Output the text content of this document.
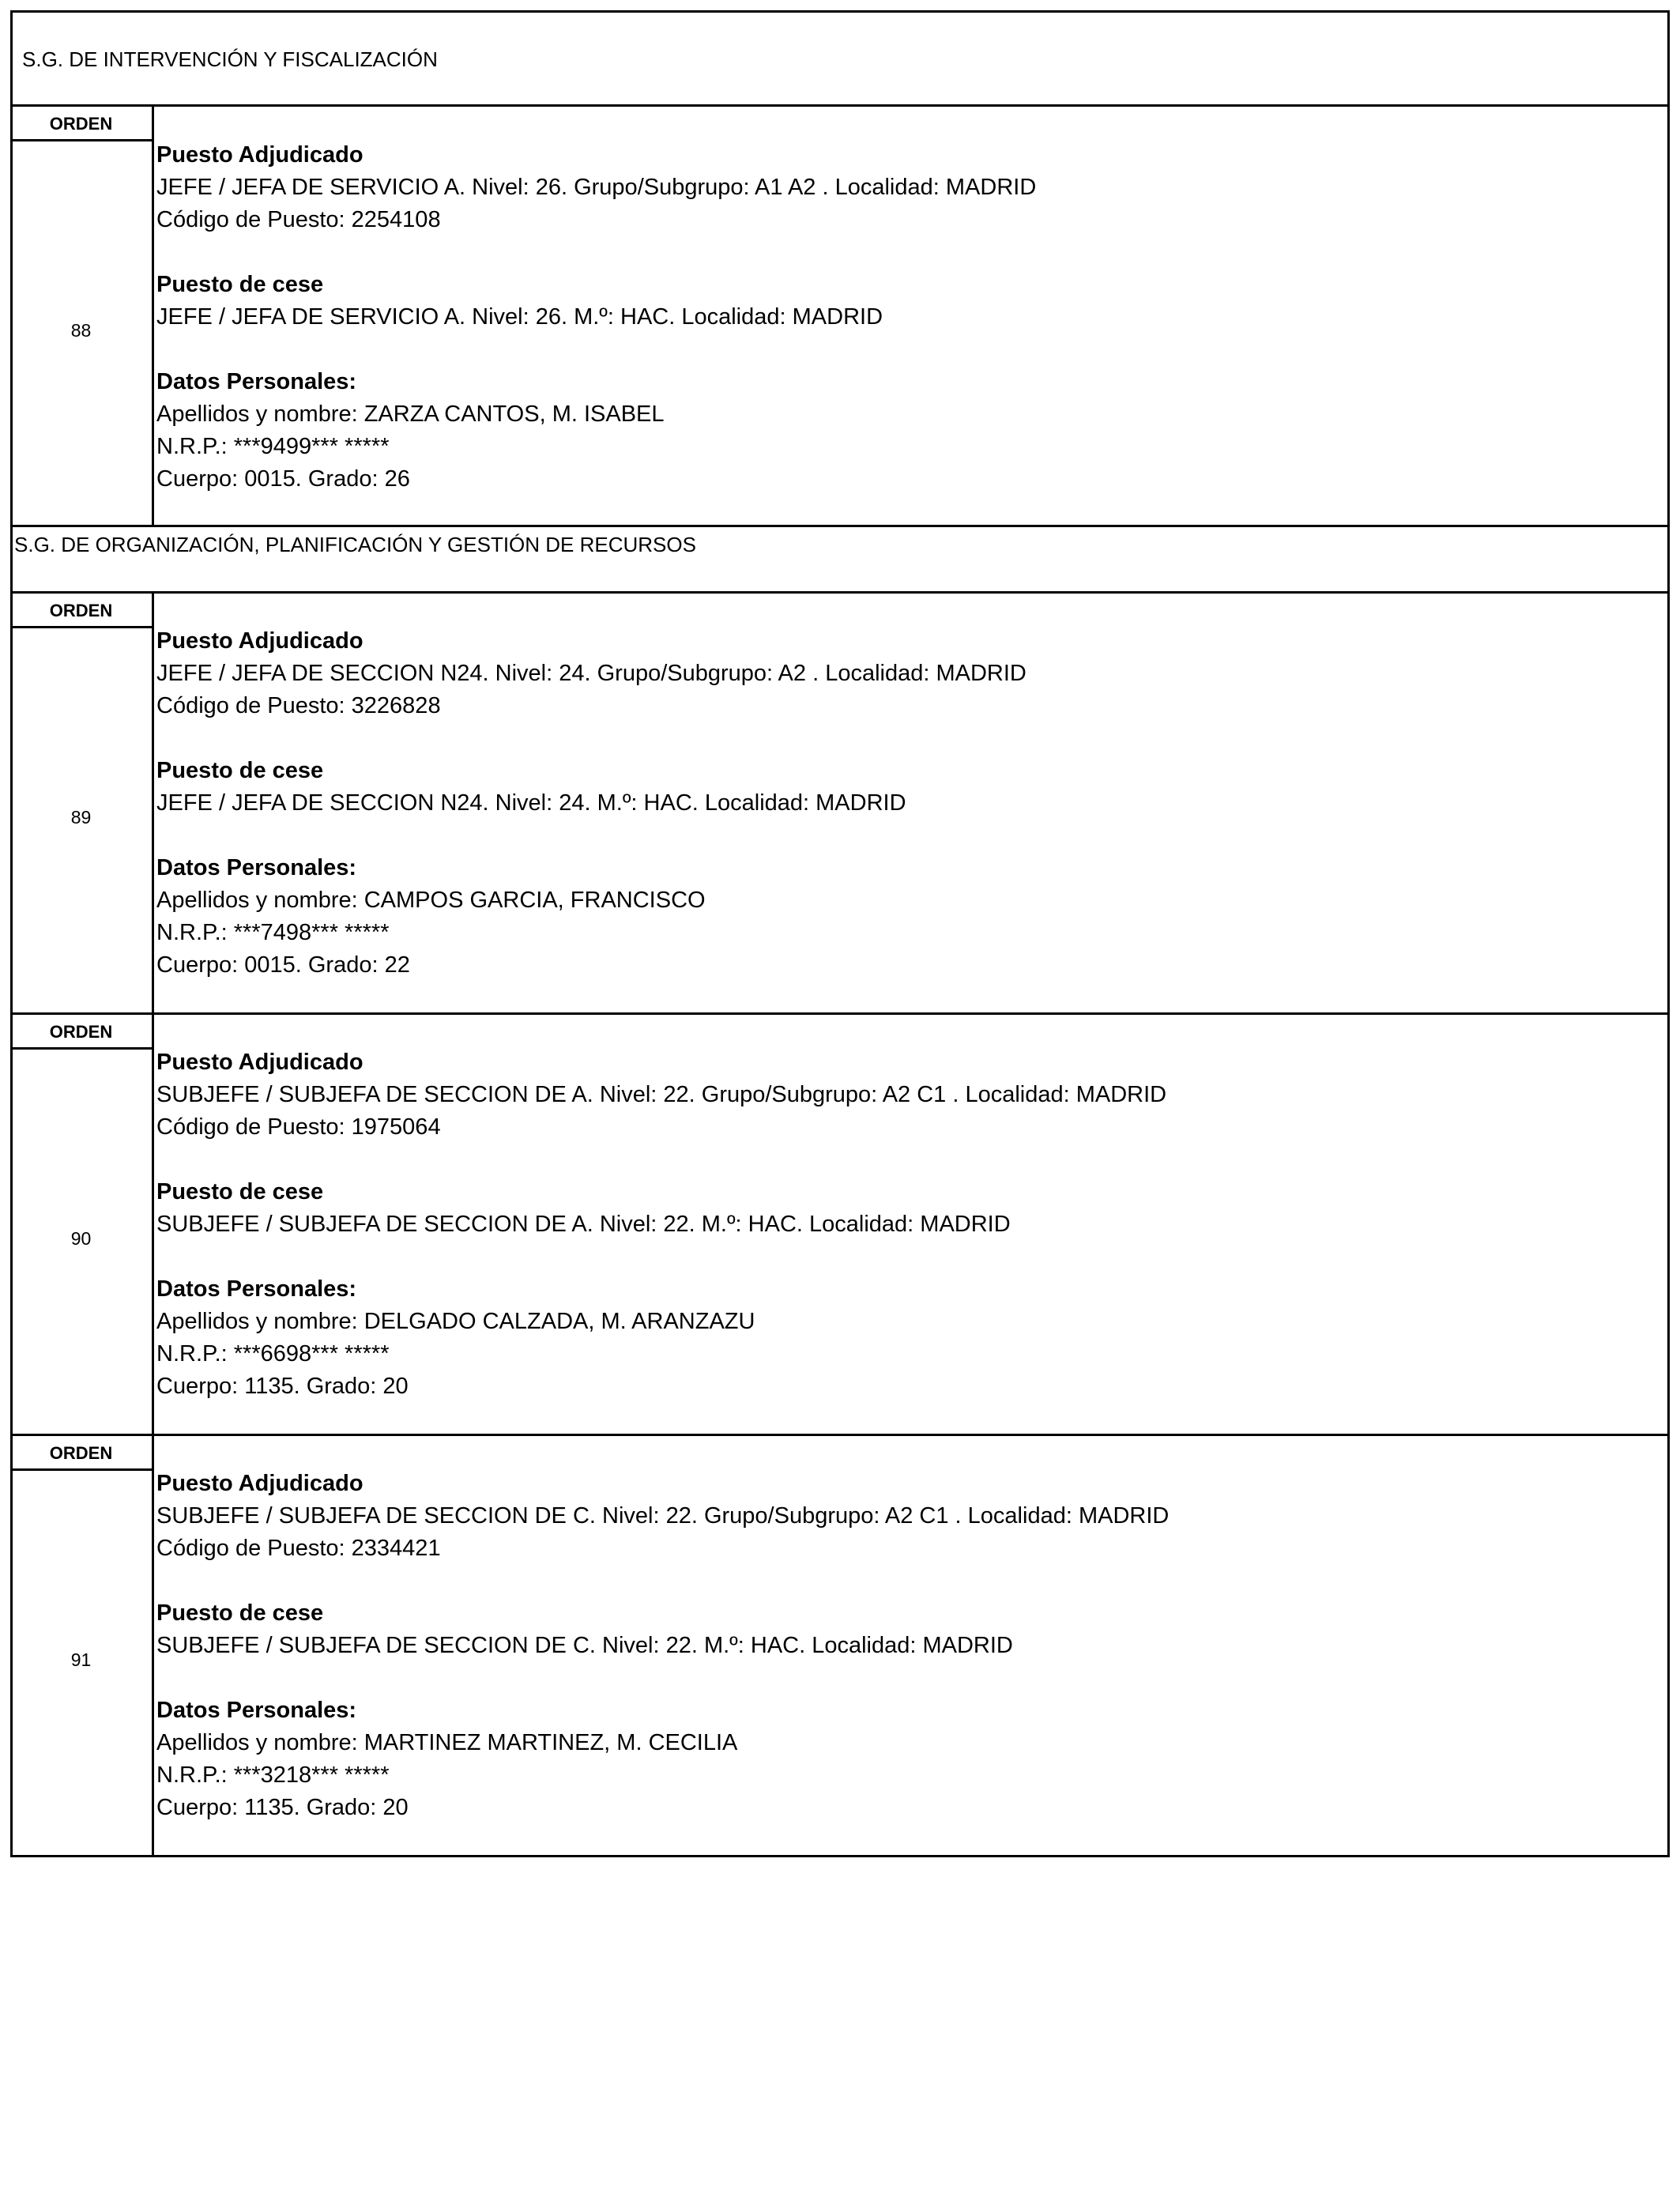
S.G. DE INTERVENCIÓN Y FISCALIZACIÓN
ORDEN
88
Puesto Adjudicado
JEFE / JEFA DE SERVICIO A. Nivel: 26. Grupo/Subgrupo: A1 A2 . Localidad: MADRID
Código de Puesto: 2254108
Puesto de cese
JEFE / JEFA DE SERVICIO A. Nivel: 26. M.º: HAC. Localidad: MADRID
Datos Personales:
Apellidos y nombre: ZARZA CANTOS, M. ISABEL
N.R.P.: ***9499*** *****
Cuerpo: 0015. Grado: 26
S.G. DE ORGANIZACIÓN, PLANIFICACIÓN Y GESTIÓN DE RECURSOS
ORDEN
89
Puesto Adjudicado
JEFE / JEFA DE SECCION N24. Nivel: 24. Grupo/Subgrupo: A2 . Localidad: MADRID
Código de Puesto: 3226828
Puesto de cese
JEFE / JEFA DE SECCION N24. Nivel: 24. M.º: HAC. Localidad: MADRID
Datos Personales:
Apellidos y nombre: CAMPOS GARCIA, FRANCISCO
N.R.P.: ***7498*** *****
Cuerpo: 0015. Grado: 22
ORDEN
90
Puesto Adjudicado
SUBJEFE / SUBJEFA DE SECCION DE A. Nivel: 22. Grupo/Subgrupo: A2 C1 . Localidad: MADRID
Código de Puesto: 1975064
Puesto de cese
SUBJEFE / SUBJEFA DE SECCION DE A. Nivel: 22. M.º: HAC. Localidad: MADRID
Datos Personales:
Apellidos y nombre: DELGADO CALZADA, M. ARANZAZU
N.R.P.: ***6698*** *****
Cuerpo: 1135. Grado: 20
ORDEN
91
Puesto Adjudicado
SUBJEFE / SUBJEFA DE SECCION DE C. Nivel: 22. Grupo/Subgrupo: A2 C1 . Localidad: MADRID
Código de Puesto: 2334421
Puesto de cese
SUBJEFE / SUBJEFA DE SECCION DE C. Nivel: 22. M.º: HAC. Localidad: MADRID
Datos Personales:
Apellidos y nombre: MARTINEZ MARTINEZ, M. CECILIA
N.R.P.: ***3218*** *****
Cuerpo: 1135. Grado: 20
